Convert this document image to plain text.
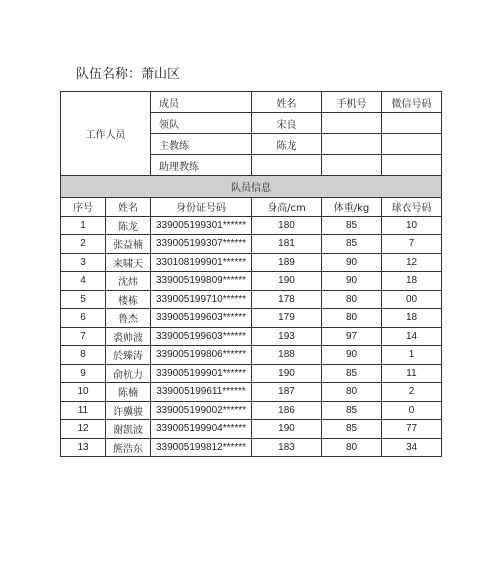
队伍名称：萧山区
工作人员		成员	姓名	手机号	微信号码	
		领队	宋良			
		主教练	陈龙			
		助理教练				
队员信息						
序号	姓名	身份证号码	身高/cm	体重/kg	球衣号码	
1	陈龙	339005199301******	180	85	10	
2	张益楠	339005199307******	181	85	7	
3	来啸天	330108199901******	189	90	12	
4	沈炜	339005199809******	190	90	18	
5	楼栋	339005199710******	178	80	00	
6	鲁杰	339005199603******	179	80	18	
7	裘帅波	339005199603******	193	97	14	
8	於臻涛	339005199806******	188	90	1	
9	俞杭力	339005199901******	190	85	11	
10	陈楠	339005199611******	187	80	2	
11	许骥骏	339005199002******	186	85	0	
12	谢凯波	339005199904******	190	85	77	
13	熊浩东	339005199812******	183	80	34	
